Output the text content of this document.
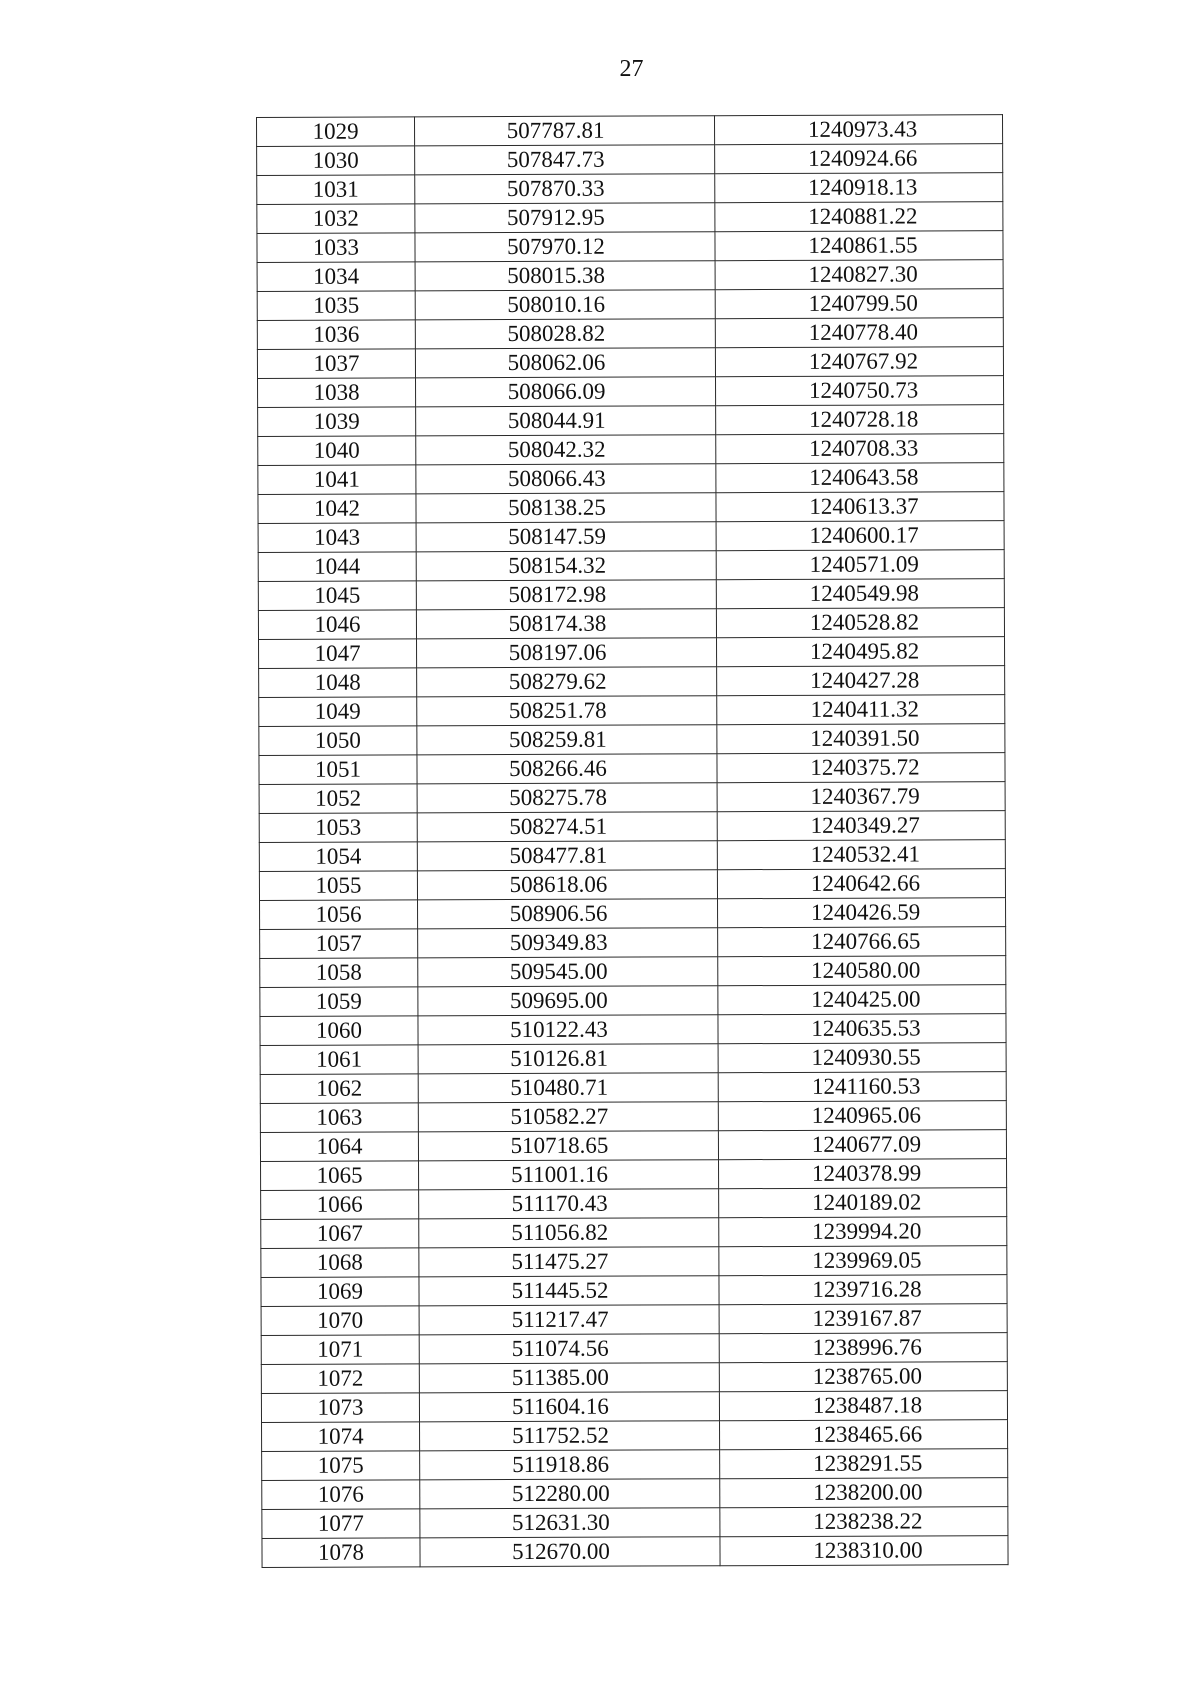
27
1029	507787.81	1240973.43
1030	507847.73	1240924.66
1031	507870.33	1240918.13
1032	507912.95	1240881.22
1033	507970.12	1240861.55
1034	508015.38	1240827.30
1035	508010.16	1240799.50
1036	508028.82	1240778.40
1037	508062.06	1240767.92
1038	508066.09	1240750.73
1039	508044.91	1240728.18
1040	508042.32	1240708.33
1041	508066.43	1240643.58
1042	508138.25	1240613.37
1043	508147.59	1240600.17
1044	508154.32	1240571.09
1045	508172.98	1240549.98
1046	508174.38	1240528.82
1047	508197.06	1240495.82
1048	508279.62	1240427.28
1049	508251.78	1240411.32
1050	508259.81	1240391.50
1051	508266.46	1240375.72
1052	508275.78	1240367.79
1053	508274.51	1240349.27
1054	508477.81	1240532.41
1055	508618.06	1240642.66
1056	508906.56	1240426.59
1057	509349.83	1240766.65
1058	509545.00	1240580.00
1059	509695.00	1240425.00
1060	510122.43	1240635.53
1061	510126.81	1240930.55
1062	510480.71	1241160.53
1063	510582.27	1240965.06
1064	510718.65	1240677.09
1065	511001.16	1240378.99
1066	511170.43	1240189.02
1067	511056.82	1239994.20
1068	511475.27	1239969.05
1069	511445.52	1239716.28
1070	511217.47	1239167.87
1071	511074.56	1238996.76
1072	511385.00	1238765.00
1073	511604.16	1238487.18
1074	511752.52	1238465.66
1075	511918.86	1238291.55
1076	512280.00	1238200.00
1077	512631.30	1238238.22
1078	512670.00	1238310.00
